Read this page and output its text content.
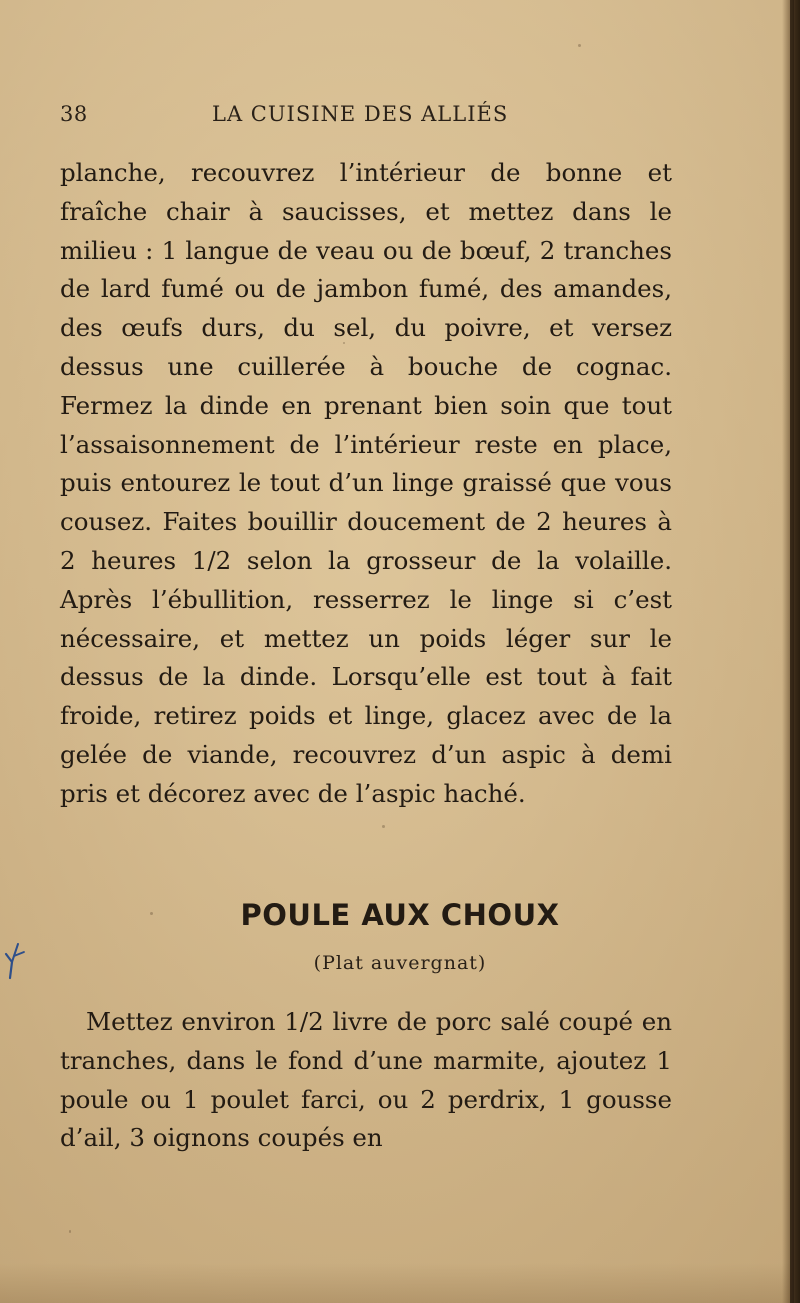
38	LA CUISINE DES ALLIÉS

planche, recouvrez l’intérieur de bonne et fraîche chair à saucisses, et mettez dans le milieu : 1 langue de veau ou de bœuf, 2 tranches de lard fumé ou de jambon fumé, des amandes, des œufs durs, du sel, du poivre, et versez dessus une cuillerée à bouche de cognac. Fermez la dinde en prenant bien soin que tout l’assaisonnement de l’intérieur reste en place, puis entourez le tout d’un linge graissé que vous cousez. Faites bouillir doucement de 2 heures à 2 heures 1/2 selon la grosseur de la volaille. Après l’ébullition, resserrez le linge si c’est nécessaire, et mettez un poids léger sur le dessus de la dinde. Lorsqu’elle est tout à fait froide, retirez poids et linge, glacez avec de la gelée de viande, recouvrez d’un aspic à demi pris et décorez avec de l’aspic haché.

POULE AUX CHOUX
(Plat auvergnat)

Mettez environ 1/2 livre de porc salé coupé en tranches, dans le fond d’une marmite, ajoutez 1 poule ou 1 poulet farci, ou 2 perdrix, 1 gousse d’ail, 3 oignons coupés en
